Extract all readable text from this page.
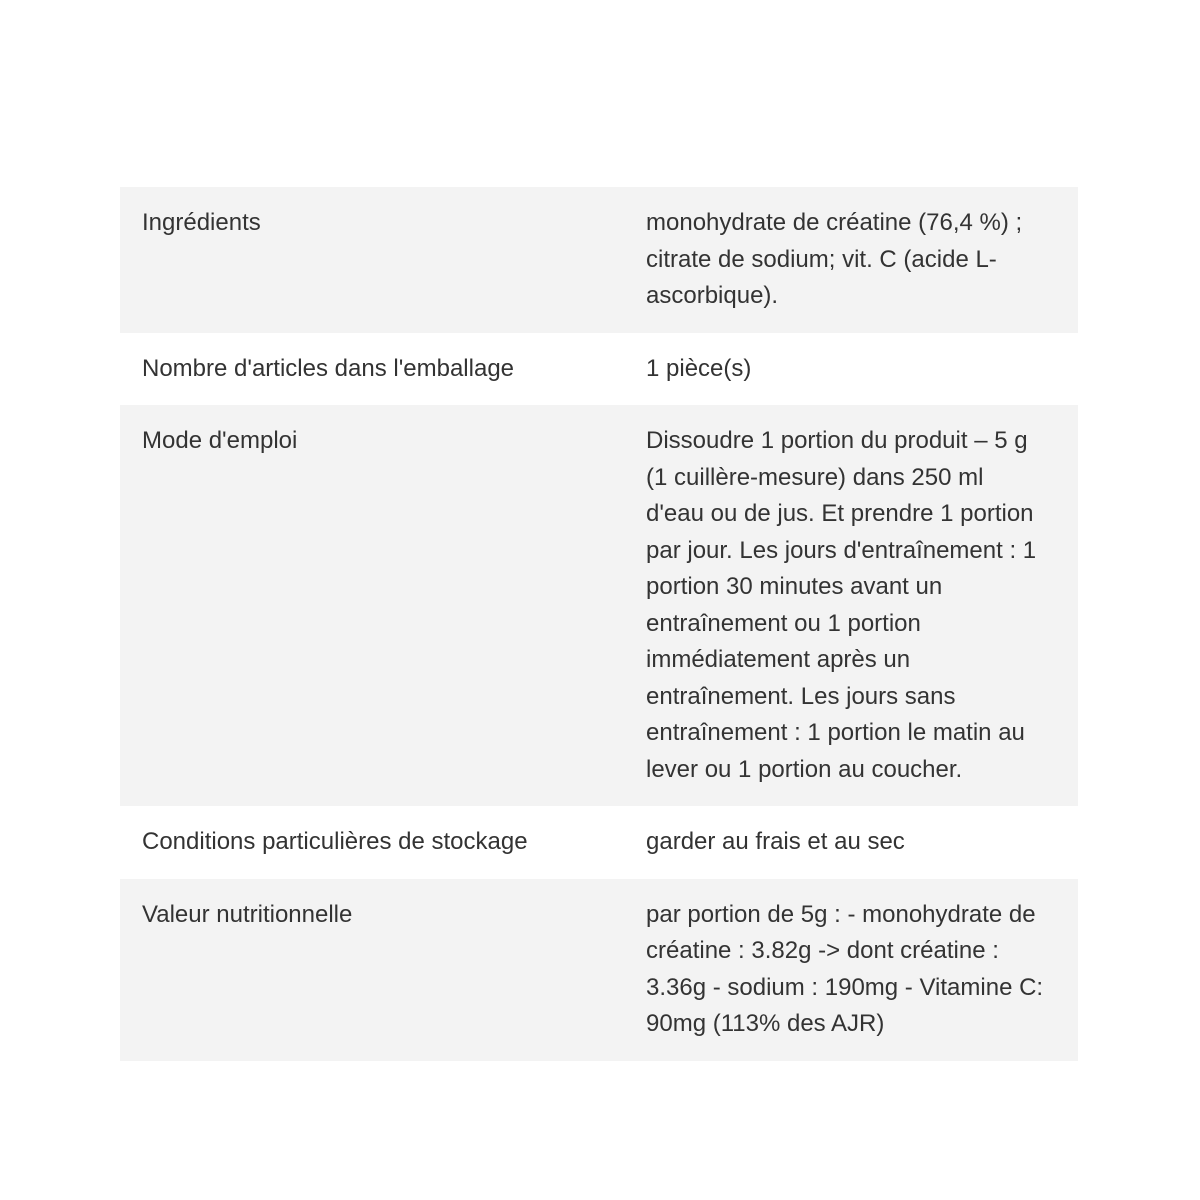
Ingrédients	monohydrate de créatine (76,4 %) ; citrate de sodium; vit. C (acide L-ascorbique).
Nombre d'articles dans l'emballage	1 pièce(s)
Mode d'emploi	Dissoudre 1 portion du produit – 5 g (1 cuillère-mesure) dans 250 ml d'eau ou de jus. Et prendre 1 portion par jour. Les jours d'entraînement : 1 portion 30 minutes avant un entraînement ou 1 portion immédiatement après un entraînement. Les jours sans entraînement : 1 portion le matin au lever ou 1 portion au coucher.
Conditions particulières de stockage	garder au frais et au sec
Valeur nutritionnelle	par portion de 5g : - monohydrate de créatine : 3.82g -> dont créatine : 3.36g - sodium : 190mg - Vitamine C: 90mg (113% des AJR)
